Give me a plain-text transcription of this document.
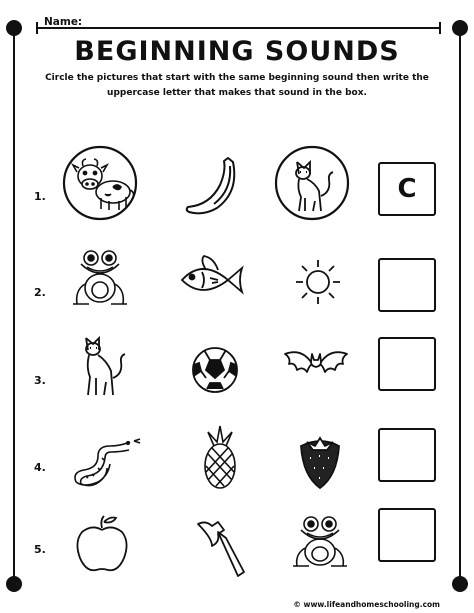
Name:
BEGINNING SOUNDS
Circle the pictures that start with the same beginning sound then write the uppercase letter that makes that sound in the box.
1.	C
2.
3.
4.
5.
© www.lifeandhomeschooling.com
